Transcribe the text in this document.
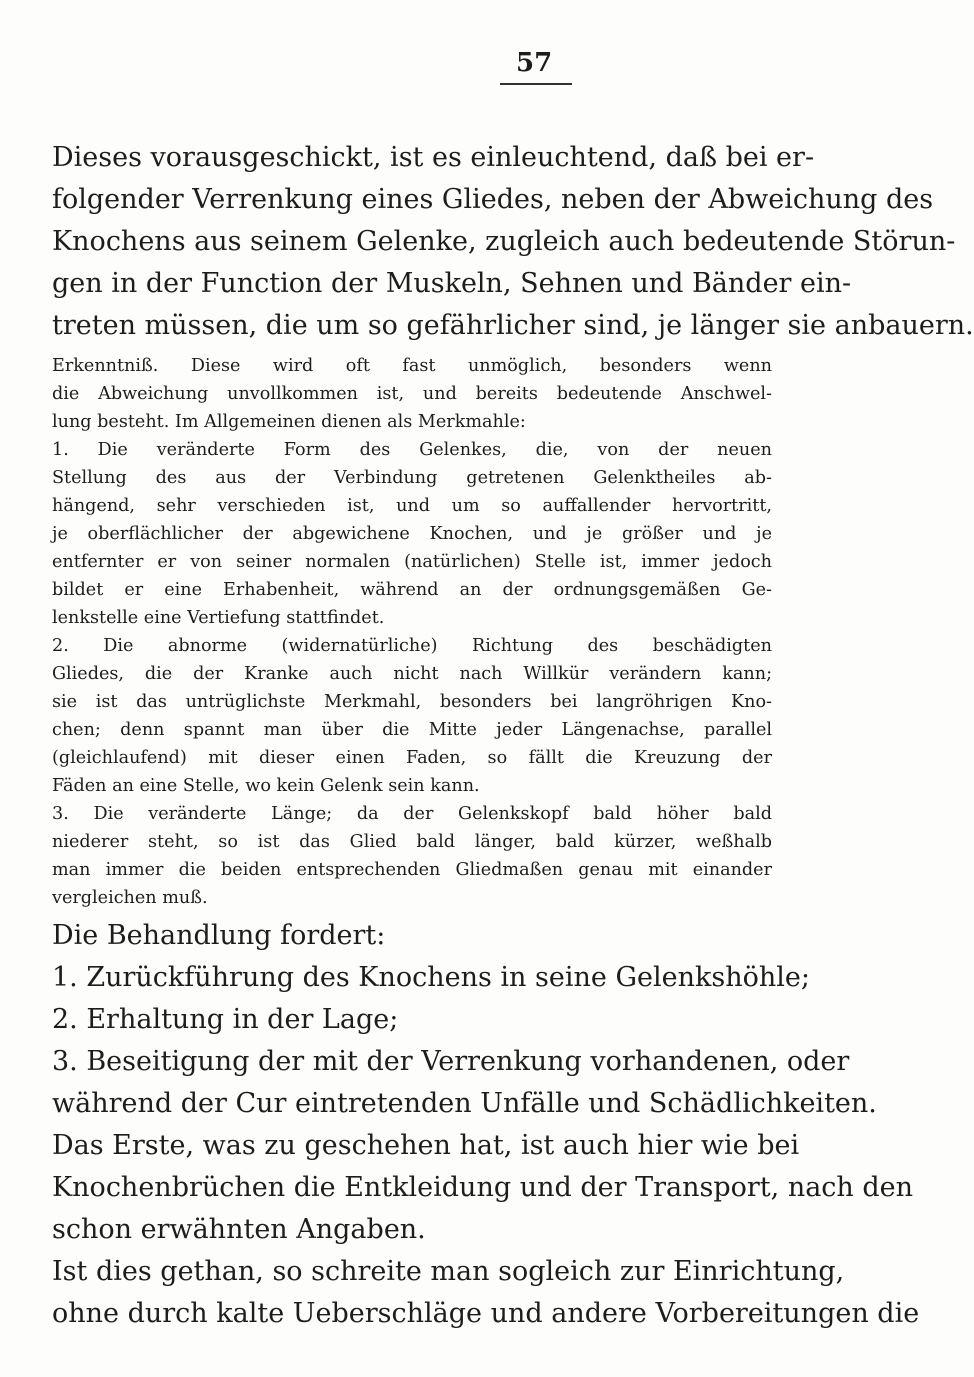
57
Dieses vorausgeschickt, ist es einleuchtend, daß bei er-
folgender Verrenkung eines Gliedes, neben der Abweichung des
Knochens aus seinem Gelenke, zugleich auch bedeutende Störun-
gen in der Function der Muskeln, Sehnen und Bänder ein-
treten müssen, die um so gefährlicher sind, je länger sie anbauern.
Erkenntniß. Diese wird oft fast unmöglich, besonders wenn
die Abweichung unvollkommen ist, und bereits bedeutende Anschwel-
lung besteht. Im Allgemeinen dienen als Merkmahle:
1. Die veränderte Form des Gelenkes, die, von der neuen
Stellung des aus der Verbindung getretenen Gelenktheiles ab-
hängend, sehr verschieden ist, und um so auffallender hervortritt,
je oberflächlicher der abgewichene Knochen, und je größer und je
entfernter er von seiner normalen (natürlichen) Stelle ist, immer jedoch
bildet er eine Erhabenheit, während an der ordnungsgemäßen Ge-
lenkstelle eine Vertiefung stattfindet.
2. Die abnorme (widernatürliche) Richtung des beschädigten
Gliedes, die der Kranke auch nicht nach Willkür verändern kann;
sie ist das untrüglichste Merkmahl, besonders bei langröhrigen Kno-
chen; denn spannt man über die Mitte jeder Längenachse, parallel
(gleichlaufend) mit dieser einen Faden, so fällt die Kreuzung der
Fäden an eine Stelle, wo kein Gelenk sein kann.
3. Die veränderte Länge; da der Gelenkskopf bald höher bald
niederer steht, so ist das Glied bald länger, bald kürzer, weßhalb
man immer die beiden entsprechenden Gliedmaßen genau mit einander
vergleichen muß.
Die Behandlung fordert:
1. Zurückführung des Knochens in seine Gelenkshöhle;
2. Erhaltung in der Lage;
3. Beseitigung der mit der Verrenkung vorhandenen, oder
während der Cur eintretenden Unfälle und Schädlichkeiten.
Das Erste, was zu geschehen hat, ist auch hier wie bei
Knochenbrüchen die Entkleidung und der Transport, nach den
schon erwähnten Angaben.
Ist dies gethan, so schreite man sogleich zur Einrichtung,
ohne durch kalte Ueberschläge und andere Vorbereitungen die
